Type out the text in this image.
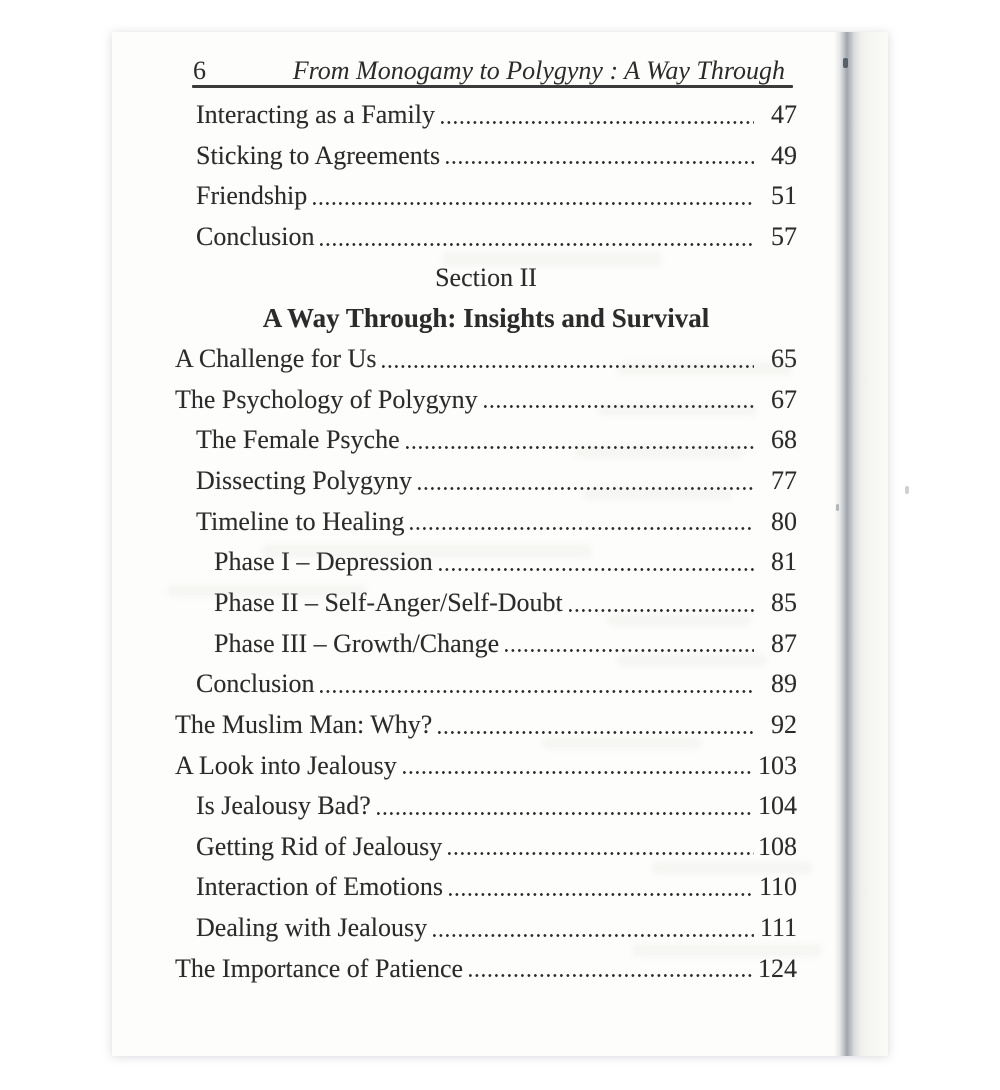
6	From Monogamy to Polygyny : A Way Through
Interacting as a Family	47
Sticking to Agreements	49
Friendship	51
Conclusion	57
Section II
A Way Through: Insights and Survival
A Challenge for Us	65
The Psychology of Polygyny	67
The Female Psyche	68
Dissecting Polygyny	77
Timeline to Healing	80
Phase I – Depression	81
Phase II – Self-Anger/Self-Doubt	85
Phase III – Growth/Change	87
Conclusion	89
The Muslim Man: Why?	92
A Look into Jealousy	103
Is Jealousy Bad?	104
Getting Rid of Jealousy	108
Interaction of Emotions	110
Dealing with Jealousy	111
The Importance of Patience	124
